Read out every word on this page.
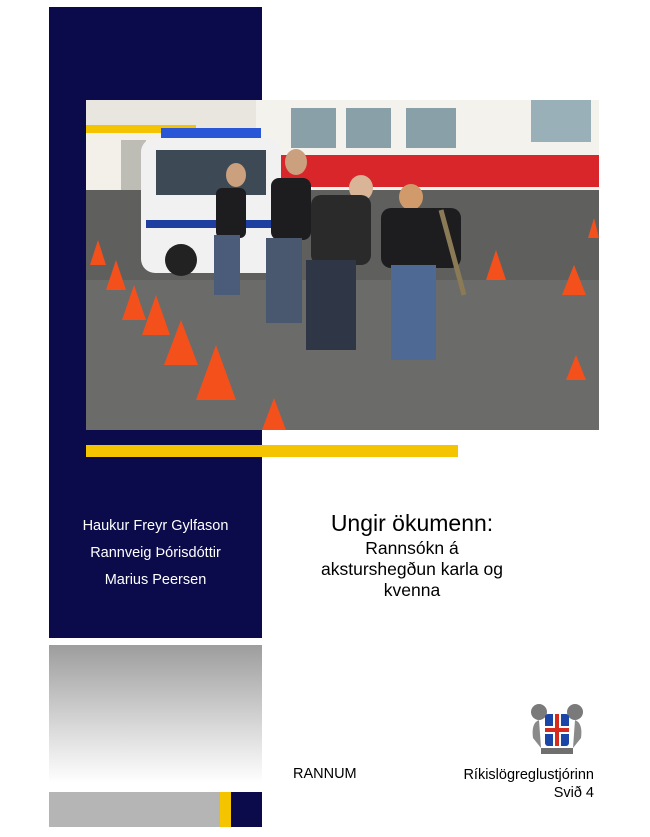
Haukur Freyr Gylfason
Rannveig Þórisdóttir
Marius Peersen
Ungir ökumenn:
Rannsókn á
aksturshegðun karla og
kvenna
RANNUM	Ríkislögreglustjórinn
Svið 4
